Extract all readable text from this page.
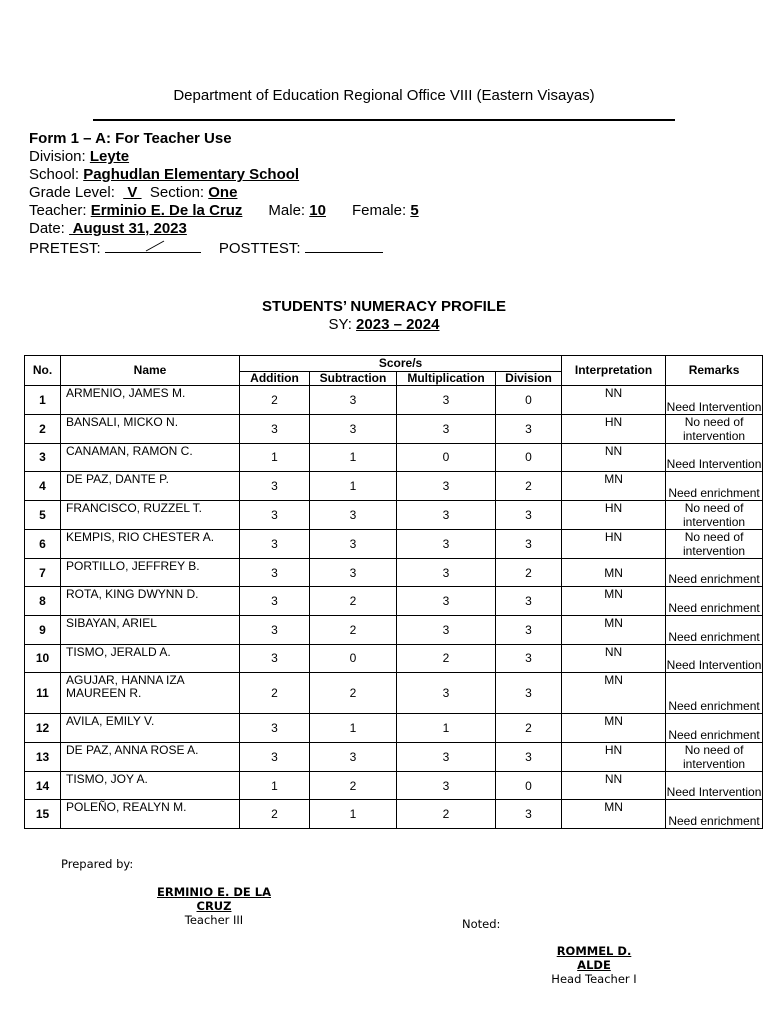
Department of Education Regional Office VIII (Eastern Visayas)
Form 1 – A: For Teacher Use
Division: Leyte
School: Paghudlan Elementary School
Grade Level:   V   Section: One
Teacher: Erminio E. De la Cruz Male: 10 Female: 5
Date:  August 31, 2023
PRETEST:	POSTTEST:
STUDENTS’ NUMERACY PROFILE
SY: 2023 – 2024
No.	Name	Score/s				Interpretation	Remarks
		Addition	Subtraction	Multiplication	Division		
1	ARMENIO, JAMES M.	2	3	3	0	NN	Need Intervention
2	BANSALI, MICKO N.	3	3	3	3	HN	No need of intervention
3	CANAMAN, RAMON C.	1	1	0	0	NN	Need Intervention
4	DE PAZ, DANTE P.	3	1	3	2	MN	Need enrichment
5	FRANCISCO, RUZZEL T.	3	3	3	3	HN	No need of intervention
6	KEMPIS, RIO CHESTER A.	3	3	3	3	HN	No need of intervention
7	PORTILLO, JEFFREY B.	3	3	3	2	MN	Need enrichment
8	ROTA, KING DWYNN D.	3	2	3	3	MN	Need enrichment
9	SIBAYAN, ARIEL	3	2	3	3	MN	Need enrichment
10	TISMO, JERALD A.	3	0	2	3	NN	Need Intervention
11	AGUJAR, HANNA IZA MAUREEN R.	2	2	3	3	MN	Need enrichment
12	AVILA, EMILY V.	3	1	1	2	MN	Need enrichment
13	DE PAZ, ANNA ROSE A.	3	3	3	3	HN	No need of intervention
14	TISMO, JOY A.	1	2	3	0	NN	Need Intervention
15	POLEÑO, REALYN M.	2	1	2	3	MN	Need enrichment
Prepared by:
ERMINIO E. DE LA CRUZ
Teacher III	Noted:
ROMMEL D. ALDE
Head Teacher I
